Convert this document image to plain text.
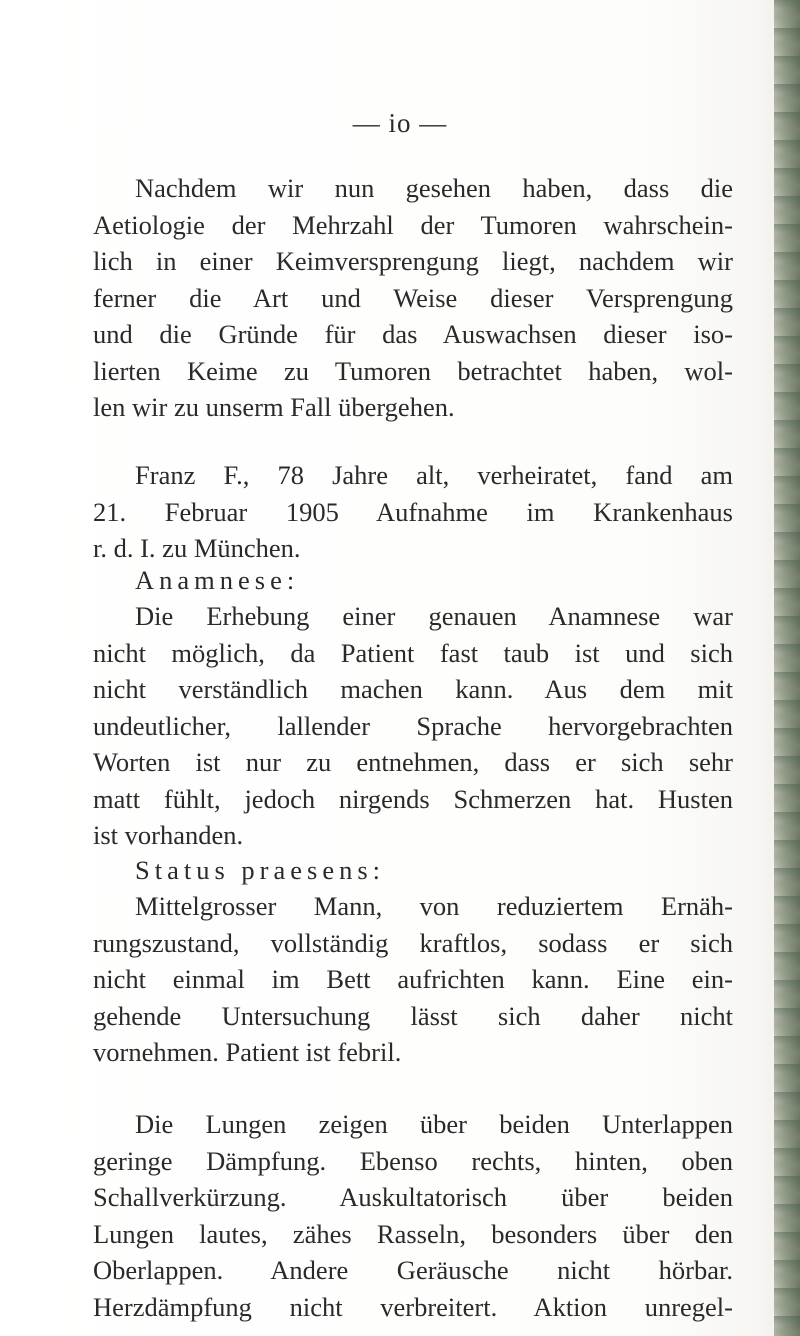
— io —
Nachdem wir nun gesehen haben, dass die
Aetiologie der Mehrzahl der Tumoren wahrschein-
lich in einer Keimversprengung liegt, nachdem wir
ferner die Art und Weise dieser Versprengung
und die Gründe für das Auswachsen dieser iso-
lierten Keime zu Tumoren betrachtet haben, wol-
len wir zu unserm Fall übergehen.
Franz F., 78 Jahre alt, verheiratet, fand am
21. Februar 1905 Aufnahme im Krankenhaus
r. d. I. zu München.
Anamnese:
Die Erhebung einer genauen Anamnese war
nicht möglich, da Patient fast taub ist und sich
nicht verständlich machen kann. Aus dem mit
undeutlicher, lallender Sprache hervorgebrachten
Worten ist nur zu entnehmen, dass er sich sehr
matt fühlt, jedoch nirgends Schmerzen hat. Husten
ist vorhanden.
Status praesens:
Mittelgrosser Mann, von reduziertem Ernäh-
rungszustand, vollständig kraftlos, sodass er sich
nicht einmal im Bett aufrichten kann. Eine ein-
gehende Untersuchung lässt sich daher nicht
vornehmen. Patient ist febril.
Die Lungen zeigen über beiden Unterlappen
geringe Dämpfung. Ebenso rechts, hinten, oben
Schallverkürzung. Auskultatorisch über beiden
Lungen lautes, zähes Rasseln, besonders über den
Oberlappen. Andere Geräusche nicht hörbar.
Herzdämpfung nicht verbreitert. Aktion unregel-
